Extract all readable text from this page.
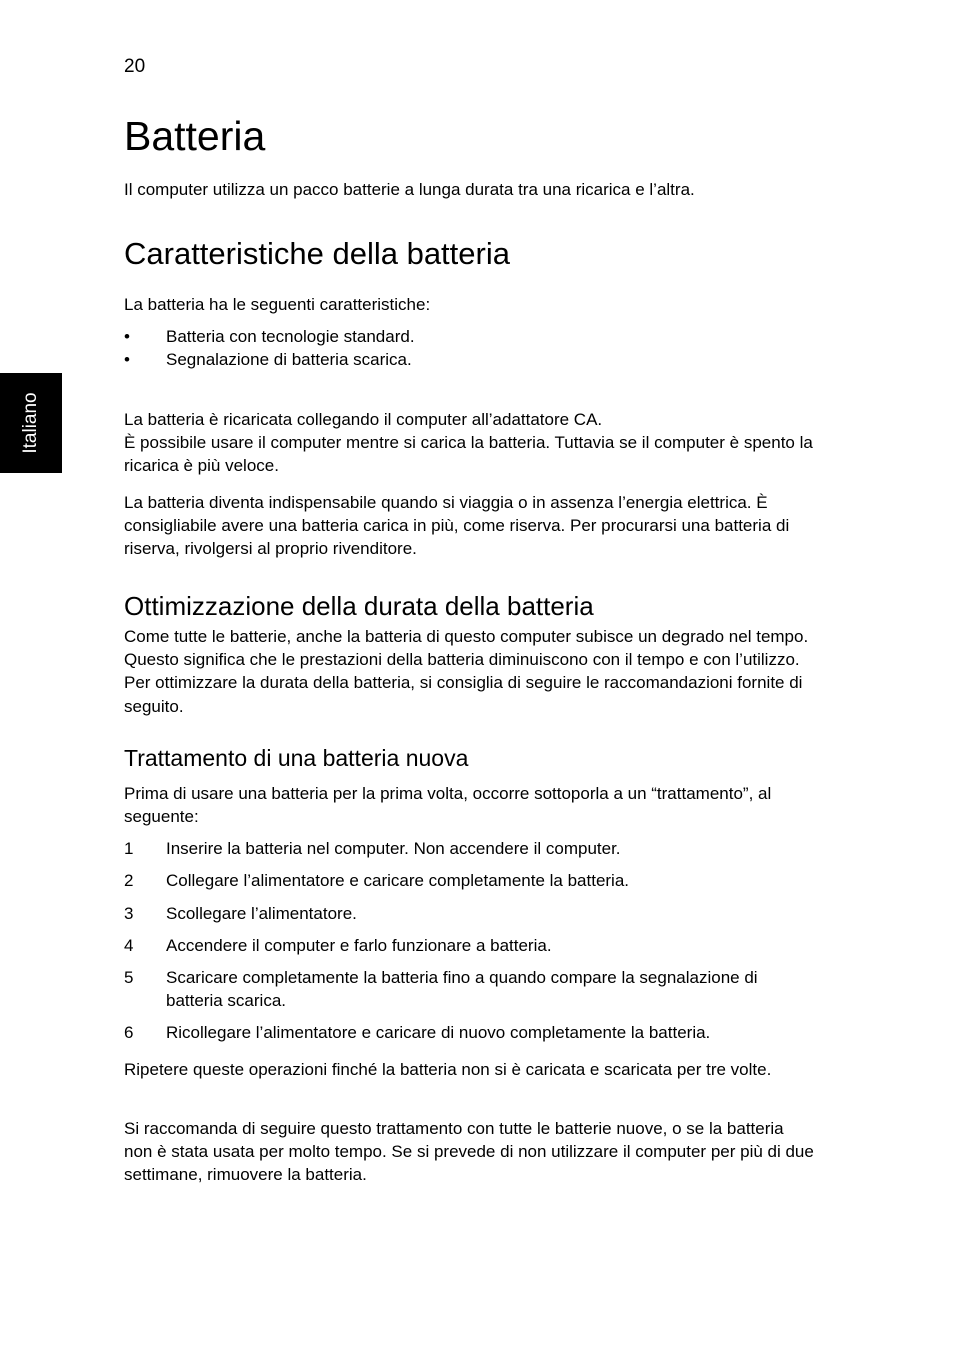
20
Italiano
Batteria

Il computer utilizza un pacco batterie a lunga durata tra una ricarica e l’altra.

Caratteristiche della batteria

La batteria ha le seguenti caratteristiche:

• Batteria con tecnologie standard.
• Segnalazione di batteria scarica.

La batteria è ricaricata collegando il computer all’adattatore CA.

È possibile usare il computer mentre si carica la batteria. Tuttavia se il computer è spento la ricarica è più veloce.

La batteria diventa indispensabile quando si viaggia o in assenza l’energia elettrica. È consigliabile avere una batteria carica in più, come riserva. Per procurarsi una batteria di riserva, rivolgersi al proprio rivenditore.

Ottimizzazione della durata della batteria

Come tutte le batterie, anche la batteria di questo computer subisce un degrado nel tempo. Questo significa che le prestazioni della batteria diminuiscono con il tempo e con l’utilizzo. Per ottimizzare la durata della batteria, si consiglia di seguire le raccomandazioni fornite di seguito.

Trattamento di una batteria nuova

Prima di usare una batteria per la prima volta, occorre sottoporla a un “trattamento”, al seguente:

1 Inserire la batteria nel computer. Non accendere il computer.
2 Collegare l’alimentatore e caricare completamente la batteria.
3 Scollegare l’alimentatore.
4 Accendere il computer e farlo funzionare a batteria.
5 Scaricare completamente la batteria fino a quando compare la segnalazione di batteria scarica.
6 Ricollegare l’alimentatore e caricare di nuovo completamente la batteria.

Ripetere queste operazioni finché la batteria non si è caricata e scaricata per tre volte.

Si raccomanda di seguire questo trattamento con tutte le batterie nuove, o se la batteria non è stata usata per molto tempo. Se si prevede di non utilizzare il computer per più di due settimane, rimuovere la batteria.
